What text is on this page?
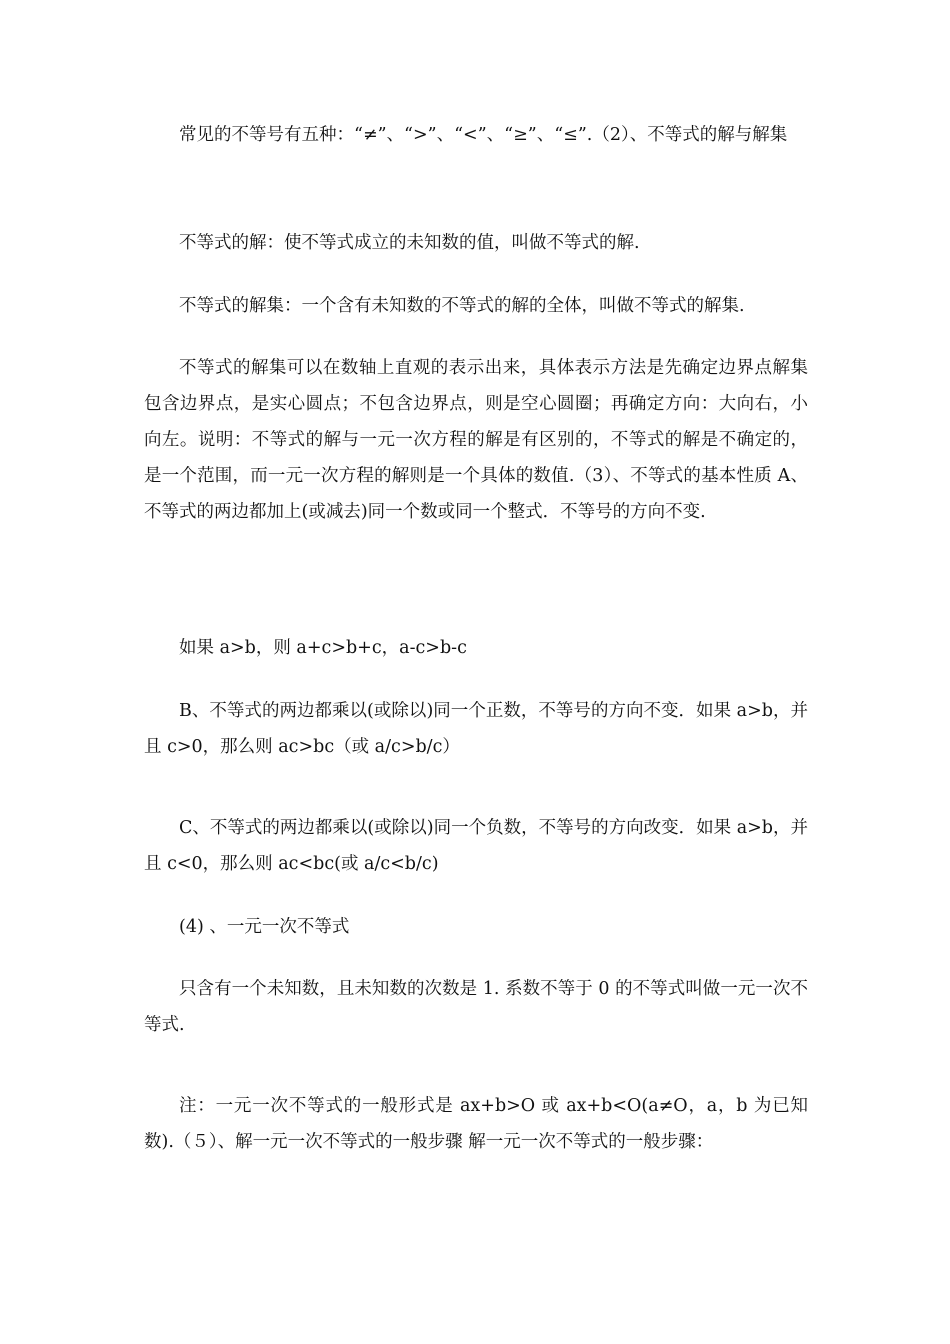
常见的不等号有五种：“≠”、“>”、“<”、“≥”、“≤”.（2）、不等式的解与解集

不等式的解：使不等式成立的未知数的值，叫做不等式的解.

不等式的解集：一个含有未知数的不等式的解的全体，叫做不等式的解集.

不等式的解集可以在数轴上直观的表示出来，具体表示方法是先确定边界点解集包含边界点，是实心圆点；不包含边界点，则是空心圆圈；再确定方向：大向右，小向左。说明：不等式的解与一元一次方程的解是有区别的，不等式的解是不确定的，是一个范围，而一元一次方程的解则是一个具体的数值.（3）、不等式的基本性质 A、不等式的两边都加上(或减去)同一个数或同一个整式．不等号的方向不变.

如果 a>b，则 a+c>b+c，a-c>b-c

B、不等式的两边都乘以(或除以)同一个正数，不等号的方向不变．如果 a>b，并且 c>0，那么则 ac>bc（或 a/c>b/c）

C、不等式的两边都乘以(或除以)同一个负数，不等号的方向改变．如果 a>b，并且 c<0，那么则 ac<bc(或 a/c<b/c)

(4) 、一元一次不等式

只含有一个未知数，且未知数的次数是 1. 系数不等于 0 的不等式叫做一元一次不等式.

注：一元一次不等式的一般形式是 ax+b>O 或 ax+b<O(a≠O，a，b 为已知数).（５）、解一元一次不等式的一般步骤 解一元一次不等式的一般步骤：
